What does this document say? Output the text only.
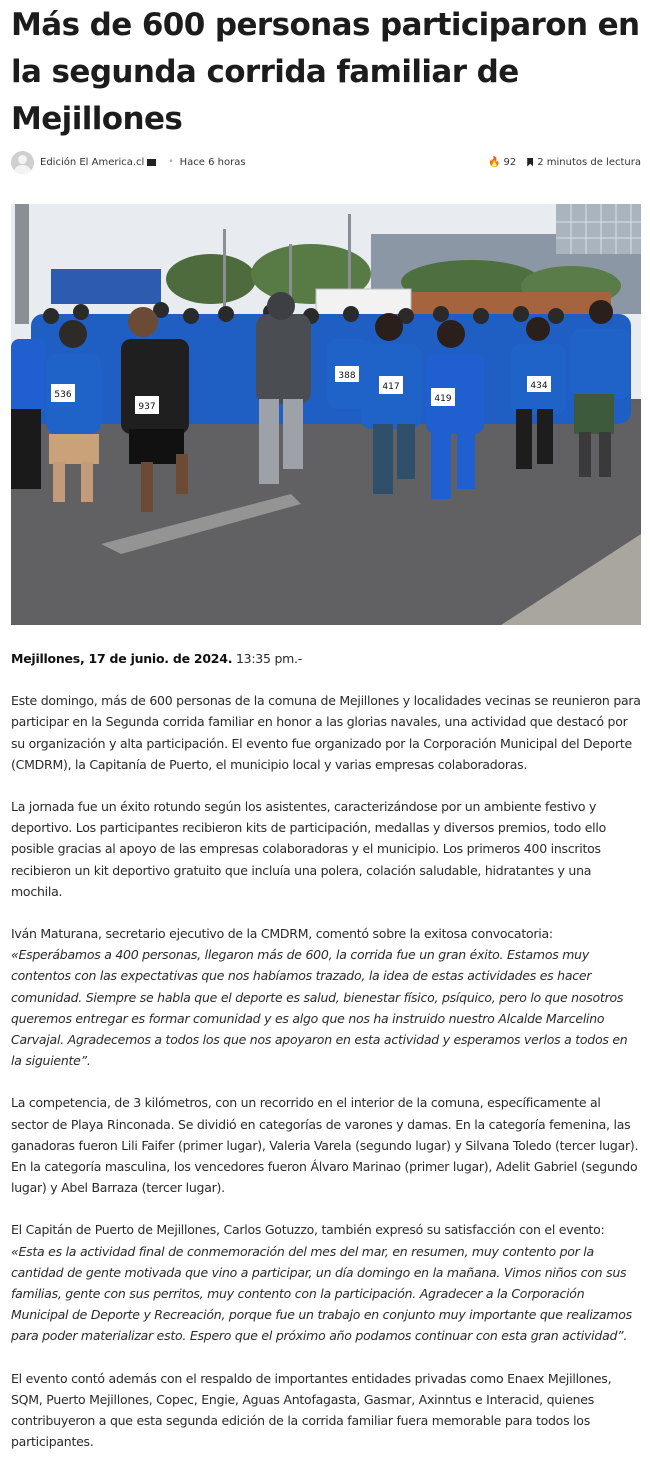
Más de 600 personas participaron en la segunda corrida familiar de Mejillones
Edición El America.cl	• Hace 6 horas	🔥 92 2 minutos de lectura
536
937
417
419
434
388

Mejillones, 17 de junio. de 2024. 13:35 pm.-

Este domingo, más de 600 personas de la comuna de Mejillones y localidades vecinas se reunieron para participar en la Segunda corrida familiar en honor a las glorias navales, una actividad que destacó por su organización y alta participación. El evento fue organizado por la Corporación Municipal del Deporte (CMDRM), la Capitanía de Puerto, el municipio local y varias empresas colaboradoras.

La jornada fue un éxito rotundo según los asistentes, caracterizándose por un ambiente festivo y deportivo. Los participantes recibieron kits de participación, medallas y diversos premios, todo ello posible gracias al apoyo de las empresas colaboradoras y el municipio. Los primeros 400 inscritos recibieron un kit deportivo gratuito que incluía una polera, colación saludable, hidratantes y una mochila.

Iván Maturana, secretario ejecutivo de la CMDRM, comentó sobre la exitosa convocatoria: «Esperábamos a 400 personas, llegaron más de 600, la corrida fue un gran éxito. Estamos muy contentos con las expectativas que nos habíamos trazado, la idea de estas actividades es hacer comunidad. Siempre se habla que el deporte es salud, bienestar físico, psíquico, pero lo que nosotros queremos entregar es formar comunidad y es algo que nos ha instruido nuestro Alcalde Marcelino Carvajal. Agradecemos a todos los que nos apoyaron en esta actividad y esperamos verlos a todos en la siguiente”.

La competencia, de 3 kilómetros, con un recorrido en el interior de la comuna, específicamente al sector de Playa Rinconada. Se dividió en categorías de varones y damas. En la categoría femenina, las ganadoras fueron Lili Faifer (primer lugar), Valeria Varela (segundo lugar) y Silvana Toledo (tercer lugar). En la categoría masculina, los vencedores fueron Álvaro Marinao (primer lugar), Adelit Gabriel (segundo lugar) y Abel Barraza (tercer lugar).

El Capitán de Puerto de Mejillones, Carlos Gotuzzo, también expresó su satisfacción con el evento: «Esta es la actividad final de conmemoración del mes del mar, en resumen, muy contento por la cantidad de gente motivada que vino a participar, un día domingo en la mañana. Vimos niños con sus familias, gente con sus perritos, muy contento con la participación. Agradecer a la Corporación Municipal de Deporte y Recreación, porque fue un trabajo en conjunto muy importante que realizamos para poder materializar esto. Espero que el próximo año podamos continuar con esta gran actividad”.

El evento contó además con el respaldo de importantes entidades privadas como Enaex Mejillones, SQM, Puerto Mejillones, Copec, Engie, Aguas Antofagasta, Gasmar, Axinntus e Interacid, quienes contribuyeron a que esta segunda edición de la corrida familiar fuera memorable para todos los participantes.
